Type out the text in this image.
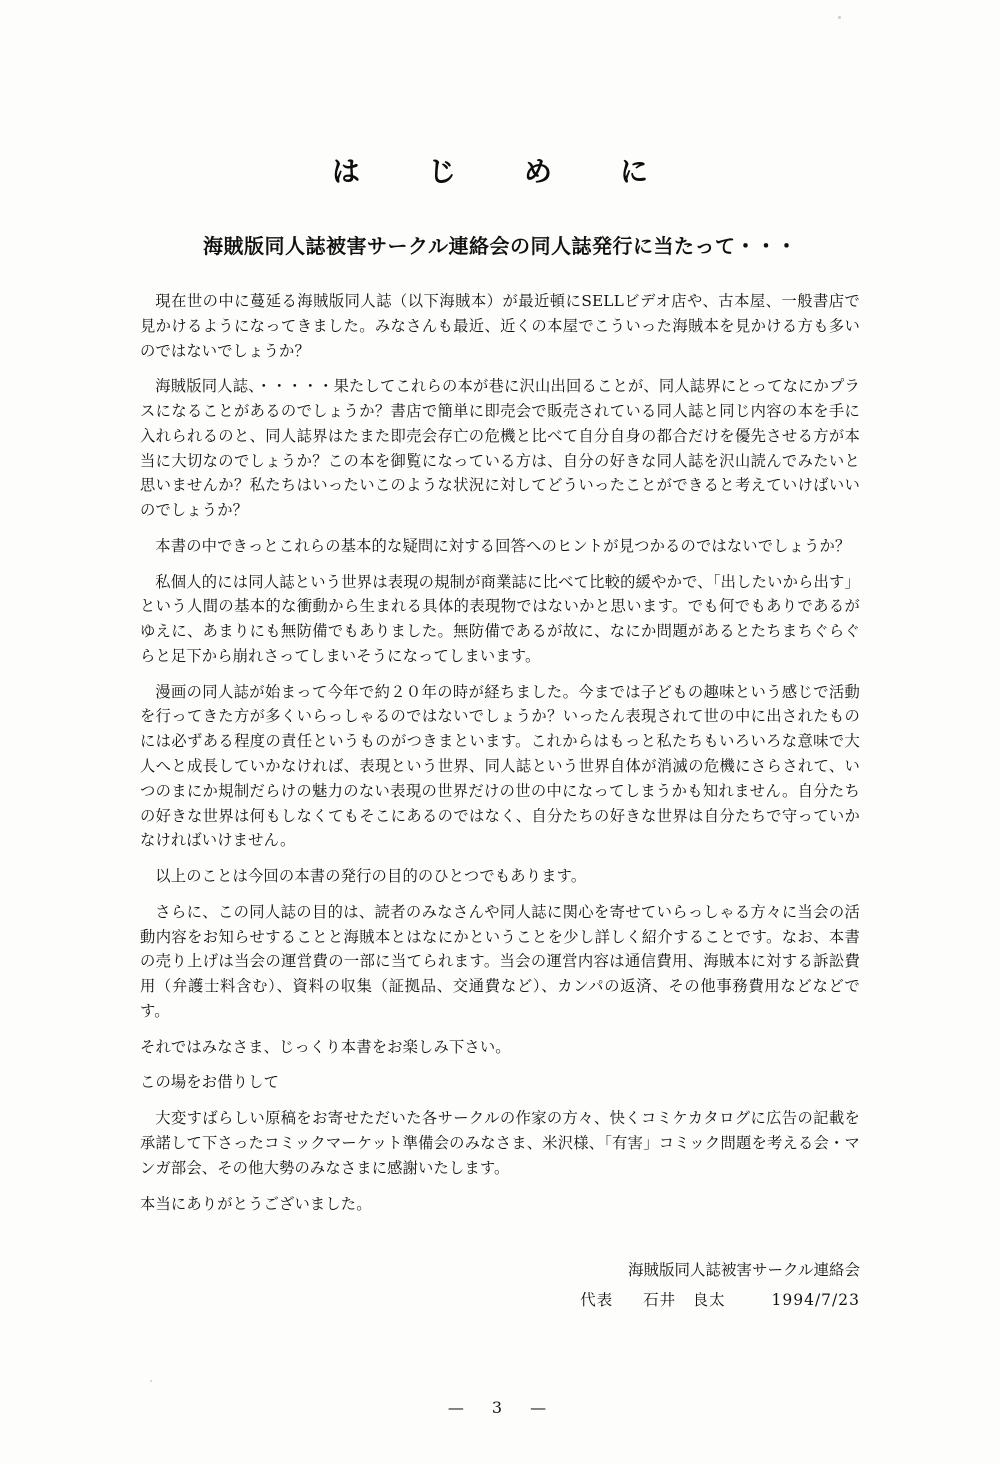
は　じ　め　に
海賊版同人誌被害サークル連絡会の同人誌発行に当たって・・・

現在世の中に蔓延る海賊版同人誌（以下海賊本）が最近頓にSELLビデオ店や、古本屋、一般書店で見かけるようになってきました。みなさんも最近、近くの本屋でこういった海賊本を見かける方も多いのではないでしょうか？

海賊版同人誌、・・・・・果たしてこれらの本が巷に沢山出回ることが、同人誌界にとってなにかプラスになることがあるのでしょうか？書店で簡単に即売会で販売されている同人誌と同じ内容の本を手に入れられるのと、同人誌界はたまた即売会存亡の危機と比べて自分自身の都合だけを優先させる方が本当に大切なのでしょうか？この本を御覧になっている方は、自分の好きな同人誌を沢山読んでみたいと思いませんか？私たちはいったいこのような状況に対してどういったことができると考えていけばいいのでしょうか？

本書の中できっとこれらの基本的な疑問に対する回答へのヒントが見つかるのではないでしょうか？

私個人的には同人誌という世界は表現の規制が商業誌に比べて比較的緩やかで、「出したいから出す」という人間の基本的な衝動から生まれる具体的表現物ではないかと思います。でも何でもありであるがゆえに、あまりにも無防備でもありました。無防備であるが故に、なにか問題があるとたちまちぐらぐらと足下から崩れさってしまいそうになってしまいます。

漫画の同人誌が始まって今年で約２０年の時が経ちました。今までは子どもの趣味という感じで活動を行ってきた方が多くいらっしゃるのではないでしょうか？いったん表現されて世の中に出されたものには必ずある程度の責任というものがつきまといます。これからはもっと私たちもいろいろな意味で大人へと成長していかなければ、表現という世界、同人誌という世界自体が消滅の危機にさらされて、いつのまにか規制だらけの魅力のない表現の世界だけの世の中になってしまうかも知れません。自分たちの好きな世界は何もしなくてもそこにあるのではなく、自分たちの好きな世界は自分たちで守っていかなければいけません。

以上のことは今回の本書の発行の目的のひとつでもあります。

さらに、この同人誌の目的は、読者のみなさんや同人誌に関心を寄せていらっしゃる方々に当会の活動内容をお知らせすることと海賊本とはなにかということを少し詳しく紹介することです。なお、本書の売り上げは当会の運営費の一部に当てられます。当会の運営内容は通信費用、海賊本に対する訴訟費用（弁護士料含む）、資料の収集（証拠品、交通費など）、カンパの返済、その他事務費用などなどです。

それではみなさま、じっくり本書をお楽しみ下さい。

この場をお借りして

大変すばらしい原稿をお寄せただいた各サークルの作家の方々、快くコミケカタログに広告の記載を承諾して下さったコミックマーケット準備会のみなさま、米沢様、「有害」コミック問題を考える会・マンガ部会、その他大勢のみなさまに感謝いたします。

本当にありがとうございました。

海賊版同人誌被害サークル連絡会
代表 石井　良太	1994/7/23
—　3　—
